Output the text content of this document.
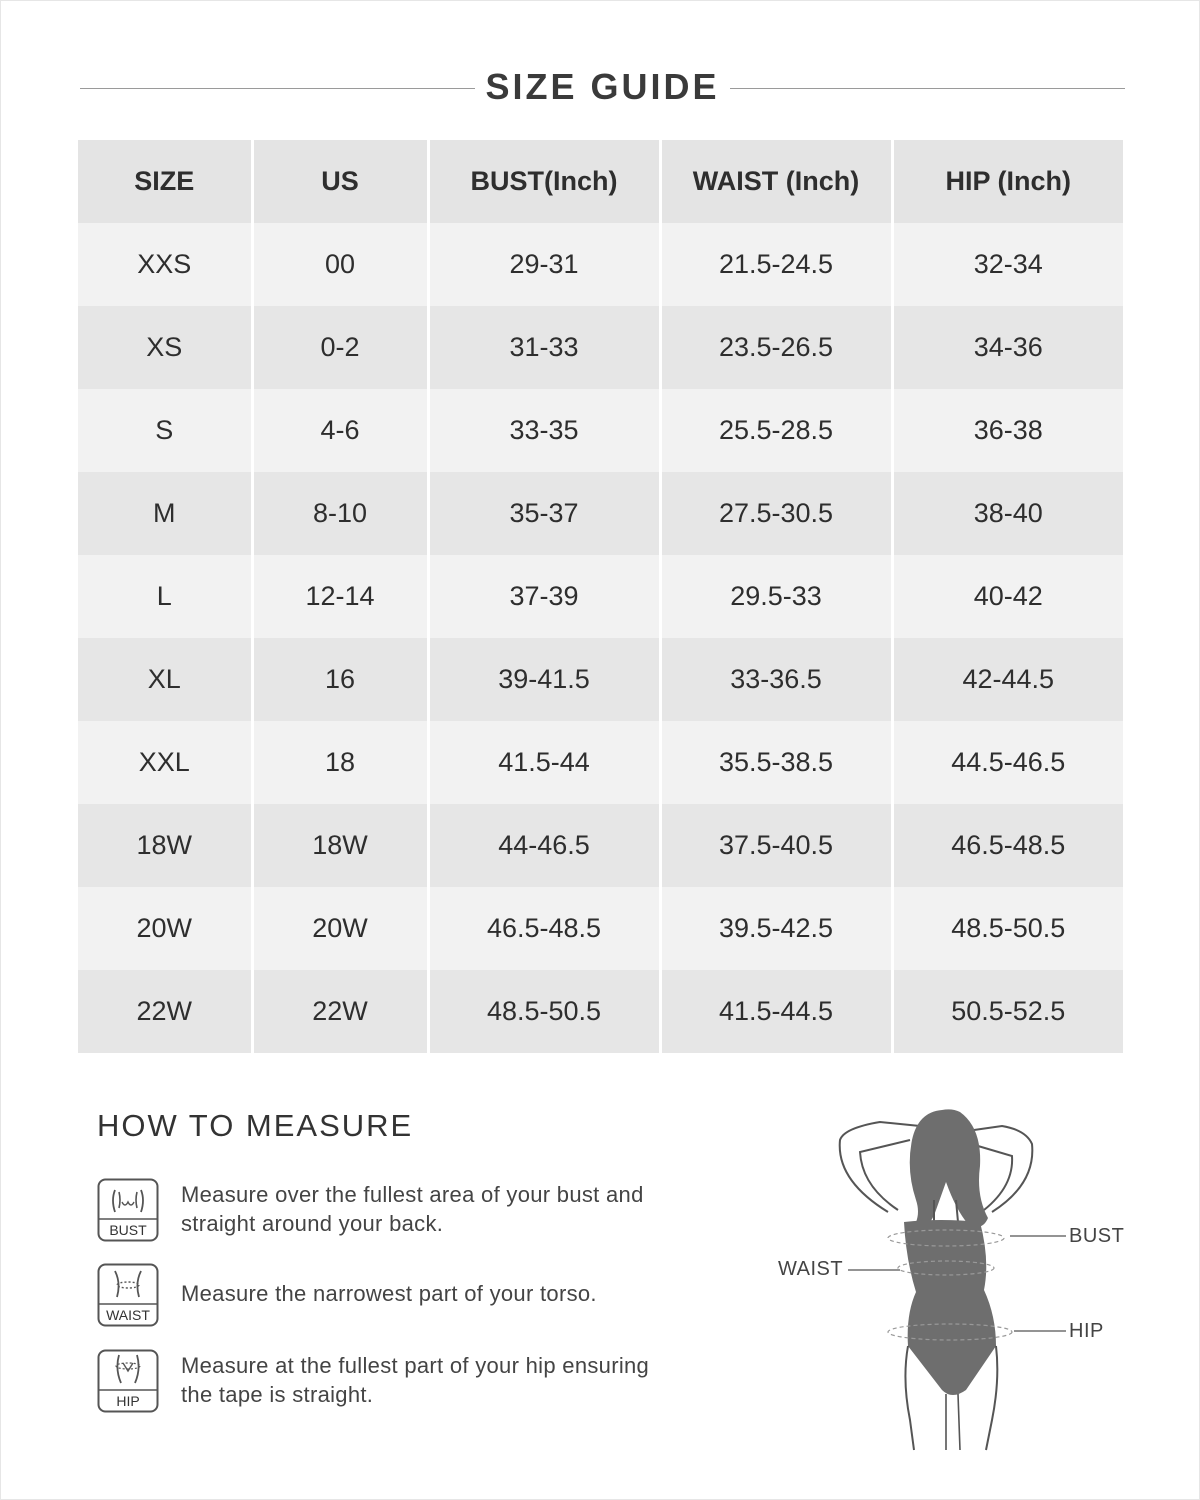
SIZE GUIDE
SIZE	US	BUST(Inch)	WAIST (Inch)	HIP (Inch)
XXS	00	29-31	21.5-24.5	32-34
XS	0-2	31-33	23.5-26.5	34-36
S	4-6	33-35	25.5-28.5	36-38
M	8-10	35-37	27.5-30.5	38-40
L	12-14	37-39	29.5-33	40-42
XL	16	39-41.5	33-36.5	42-44.5
XXL	18	41.5-44	35.5-38.5	44.5-46.5
18W	18W	44-46.5	37.5-40.5	46.5-48.5
20W	20W	46.5-48.5	39.5-42.5	48.5-50.5
22W	22W	48.5-50.5	41.5-44.5	50.5-52.5
HOW TO MEASURE
BUST
Measure over the fullest area of your bust and
straight around your back.
WAIST
Measure the narrowest part of your torso.
HIP
Measure at the fullest part of your hip ensuring
the tape is straight.
BUST
WAIST
HIP
